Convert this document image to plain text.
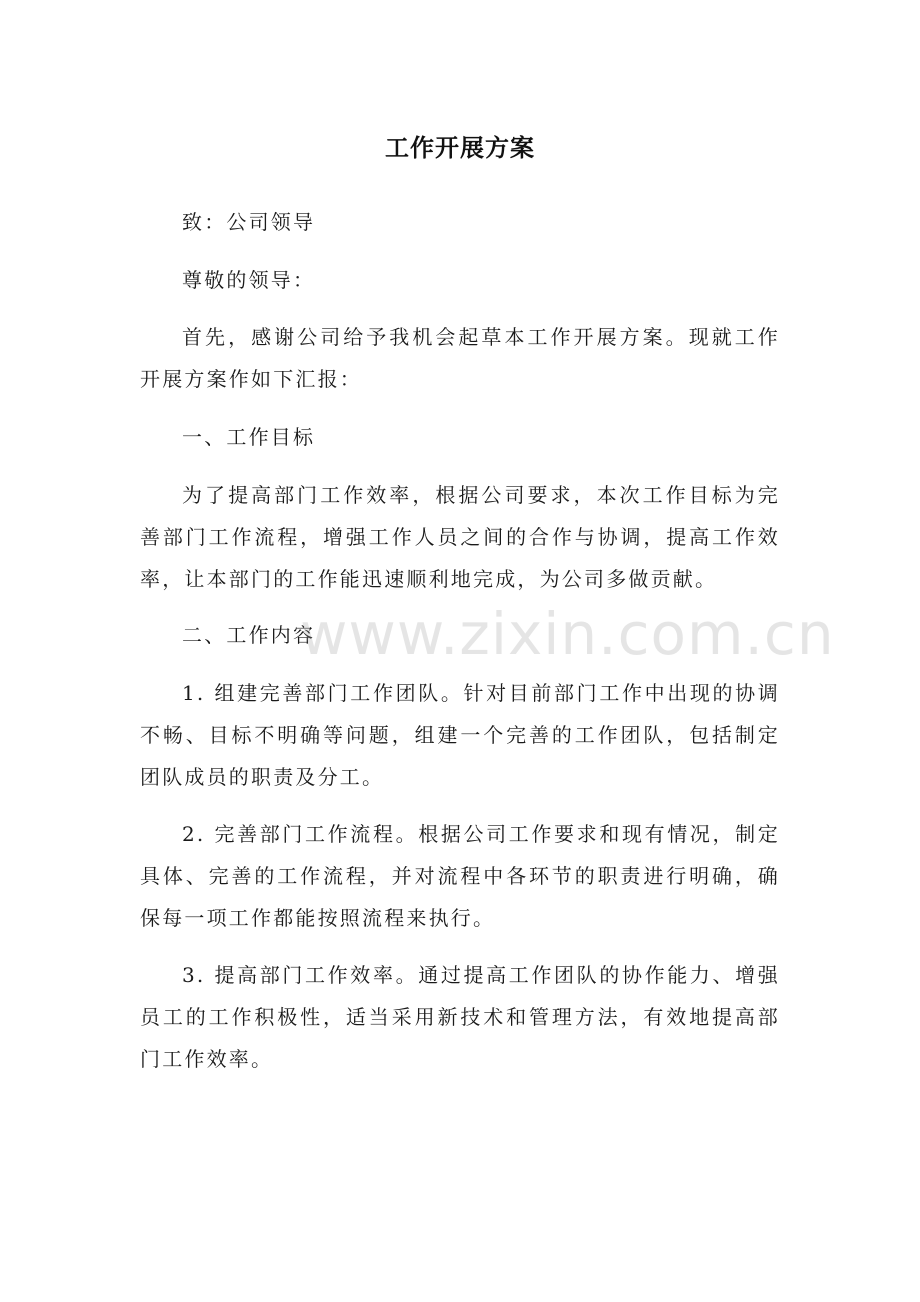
工作开展方案

致：公司领导

尊敬的领导：

首先，感谢公司给予我机会起草本工作开展方案。现就工作开展方案作如下汇报：

一、工作目标

为了提高部门工作效率，根据公司要求，本次工作目标为完善部门工作流程，增强工作人员之间的合作与协调，提高工作效率，让本部门的工作能迅速顺利地完成，为公司多做贡献。

二、工作内容

1. 组建完善部门工作团队。针对目前部门工作中出现的协调不畅、目标不明确等问题，组建一个完善的工作团队，包括制定团队成员的职责及分工。

2. 完善部门工作流程。根据公司工作要求和现有情况，制定具体、完善的工作流程，并对流程中各环节的职责进行明确，确保每一项工作都能按照流程来执行。

3. 提高部门工作效率。通过提高工作团队的协作能力、增强员工的工作积极性，适当采用新技术和管理方法，有效地提高部门工作效率。

www.zixin.com.cn
